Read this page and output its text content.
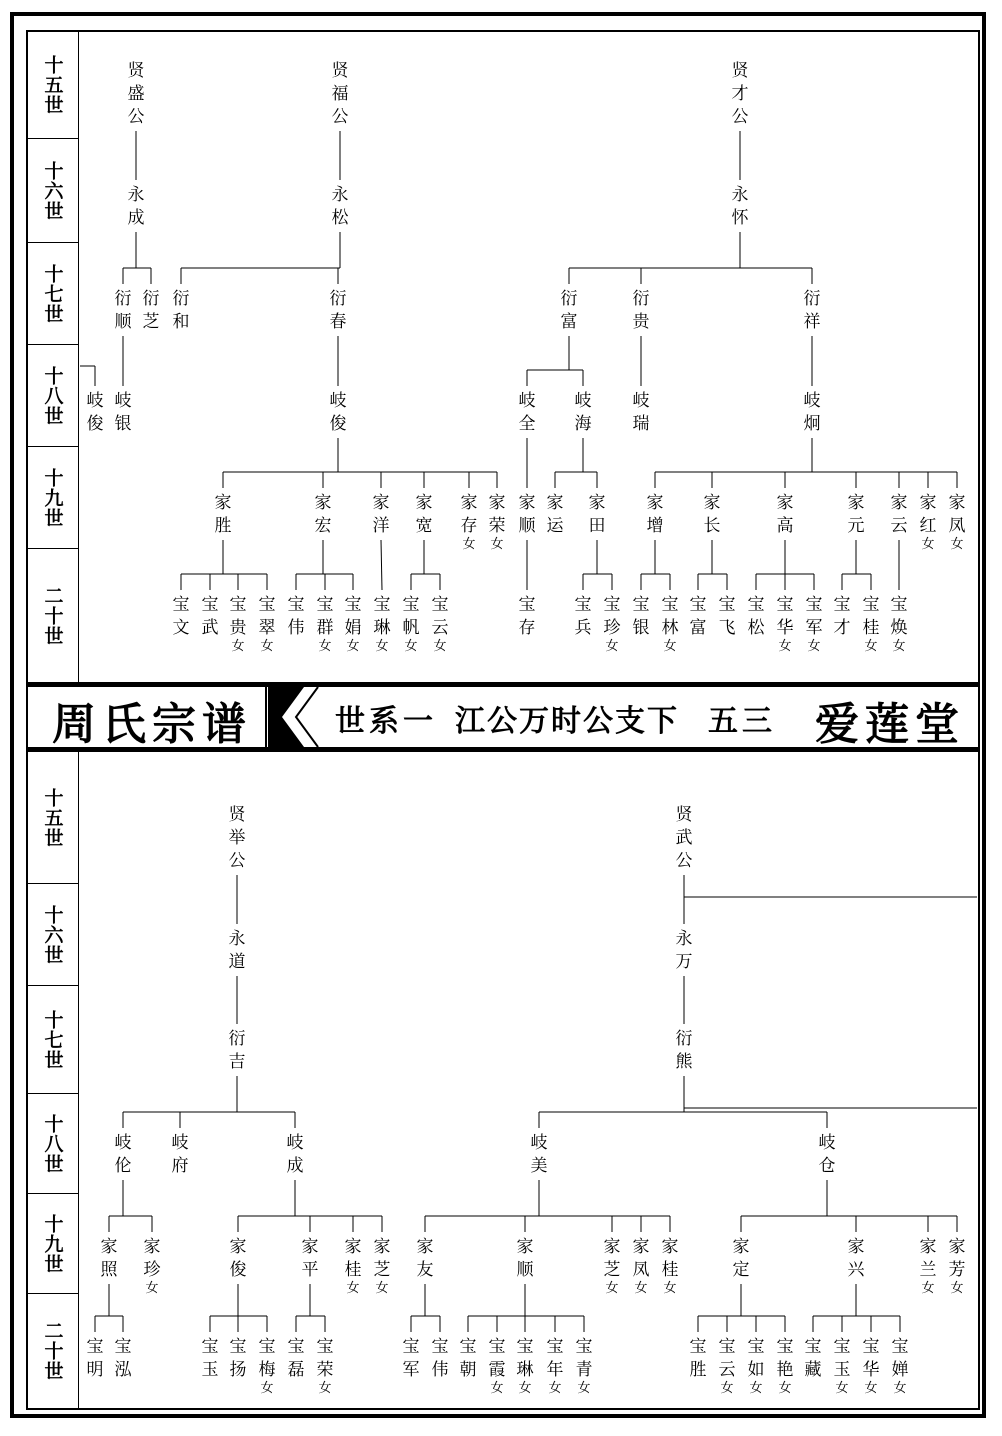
十五世
十六世
十七世
十八世
十九世
二十世
十五世
十六世
十七世
十八世
十九世
二十世
周氏宗谱	世系一 江公万时公支下 五三 爱莲堂
贤盛公
永成
衍顺
衍芝
岐银
岐俊
贤福公
永松
衍和
衍春
岐俊
家胜
家宏
家洋
家宽
家存
女
家荣
女
宝文
宝武
宝贵
女
宝翠
女
宝伟
宝群
女
宝娟
女
宝琳
女
宝帆
女
宝云
女
贤才公
永怀
衍富
衍贵
衍祥
岐全
岐海
岐瑞
岐炯
家顺
家运
家田
家增
家长
家高
家元
家云
家红
女
家凤
女
宝存
宝兵
宝珍
女
宝银
宝林
女
宝富
宝飞
宝松
宝华
女
宝军
女
宝才
宝桂
女
宝焕
女
贤举公
永道
衍吉
岐伦
岐府
岐成
家照
家珍
女
家俊
家平
家桂
女
家芝
女
宝明
宝泓
宝玉
宝扬
宝梅
女
宝磊
宝荣
女
贤武公
永万
衍熊
岐美
岐仓
家友
家顺
家芝
女
家凤
女
家桂
女
家定
家兴
家兰
女
家芳
女
宝军
宝伟
宝朝
宝霞
女
宝琳
女
宝年
女
宝青
女
宝胜
宝云
女
宝如
女
宝艳
女
宝藏
宝玉
女
宝华
女
宝婵
女
